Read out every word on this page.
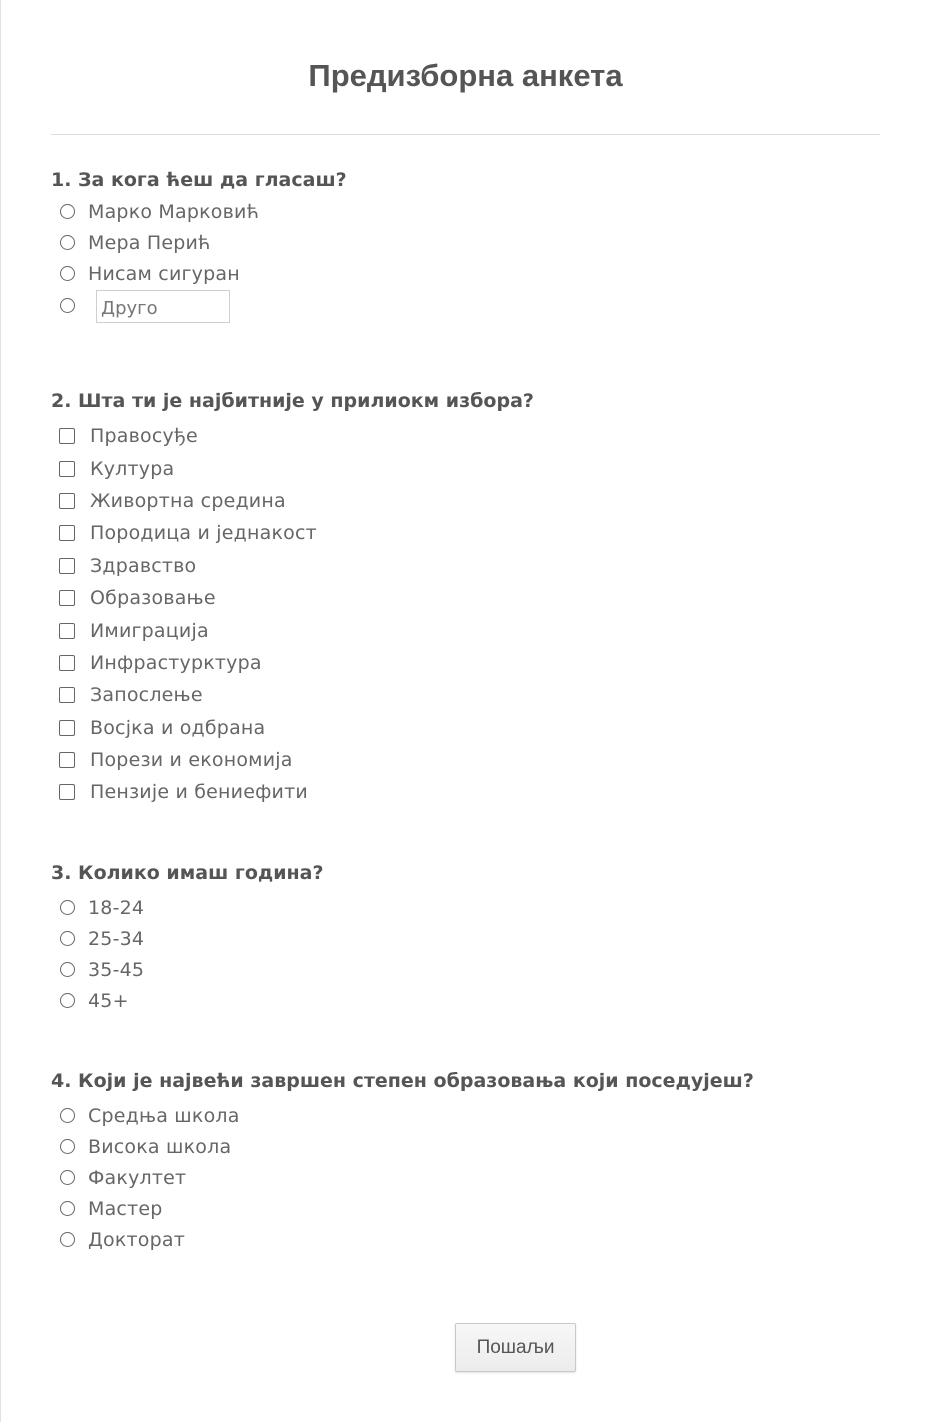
Предизборна анкета

1. За кога ћеш да гласаш?

Марко Марковић
Мера Перић
Нисам сигуран
Друго

2. Шта ти је најбитније у прилиокм избора?

Правосуђе
Култура
Живортна средина
Породица и једнакост
Здравство
Образовање
Имиграција
Инфрастурктура
Запослење
Восјка и одбрана
Порези и економија
Пензије и бениефити

3. Колико имаш година?

18-24
25-34
35-45
45+

4. Који је највећи завршен степен образовања који поседујеш?

Средња школа
Висока школа
Факултет
Мастер
Докторат
Пошаљи
